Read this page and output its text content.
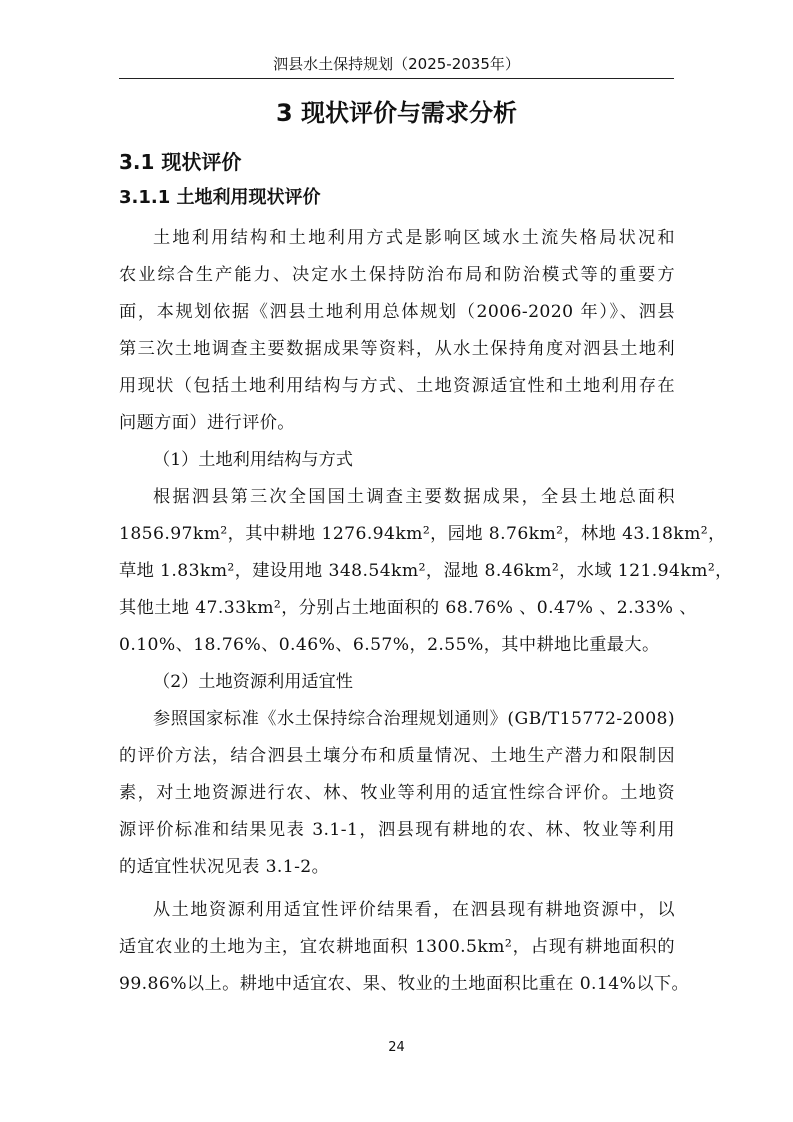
泗县水土保持规划（2025-2035年）
3 现状评价与需求分析
3.1 现状评价
3.1.1 土地利用现状评价
土地利用结构和土地利用方式是影响区域水土流失格局状况和
农业综合生产能力、决定水土保持防治布局和防治模式等的重要方
面，本规划依据《泗县土地利用总体规划（2006-2020 年）》、泗县
第三次土地调查主要数据成果等资料，从水土保持角度对泗县土地利
用现状（包括土地利用结构与方式、土地资源适宜性和土地利用存在
问题方面）进行评价。
（1）土地利用结构与方式
根据泗县第三次全国国土调查主要数据成果，全县土地总面积
1856.97km²，其中耕地 1276.94km²，园地 8.76km²，林地 43.18km²，
草地 1.83km²，建设用地 348.54km²，湿地 8.46km²，水域 121.94km²，
其他土地 47.33km²，分别占土地面积的 68.76% 、0.47% 、2.33% 、
0.10%、18.76%、0.46%、6.57%，2.55%，其中耕地比重最大。
（2）土地资源利用适宜性
参照国家标准《水土保持综合治理规划通则》(GB/T15772-2008)
的评价方法，结合泗县土壤分布和质量情况、土地生产潜力和限制因
素，对土地资源进行农、林、牧业等利用的适宜性综合评价。土地资
源评价标准和结果见表 3.1-1，泗县现有耕地的农、林、牧业等利用
的适宜性状况见表 3.1-2。
从土地资源利用适宜性评价结果看，在泗县现有耕地资源中，以
适宜农业的土地为主，宜农耕地面积 1300.5km²，占现有耕地面积的
99.86%以上。耕地中适宜农、果、牧业的土地面积比重在 0.14%以下。
24
